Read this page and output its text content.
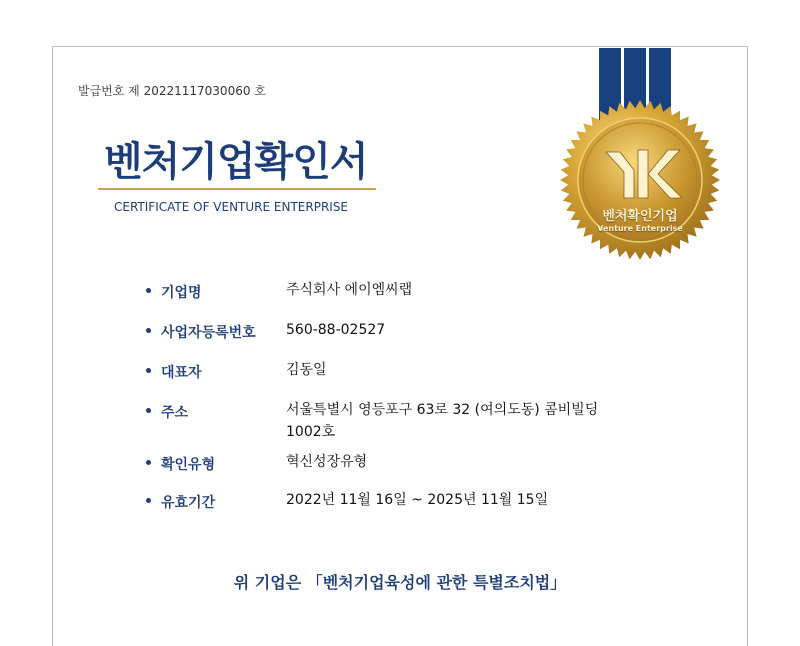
발급번호 제 20221117030060 호
벤처기업확인서
CERTIFICATE OF VENTURE ENTERPRISE
벤처확인기업
Venture Enterprise
기업명	주식회사 에이엠씨랩
사업자등록번호 560-88-02527
대표자	김동일
주소	서울특별시 영등포구 63로 32 (여의도동) 콤비빌딩 1002호
확인유형	혁신성장유형
유효기간	2022년 11월 16일 ~ 2025년 11월 15일
위 기업은 「벤처기업육성에 관한 특별조치법」
